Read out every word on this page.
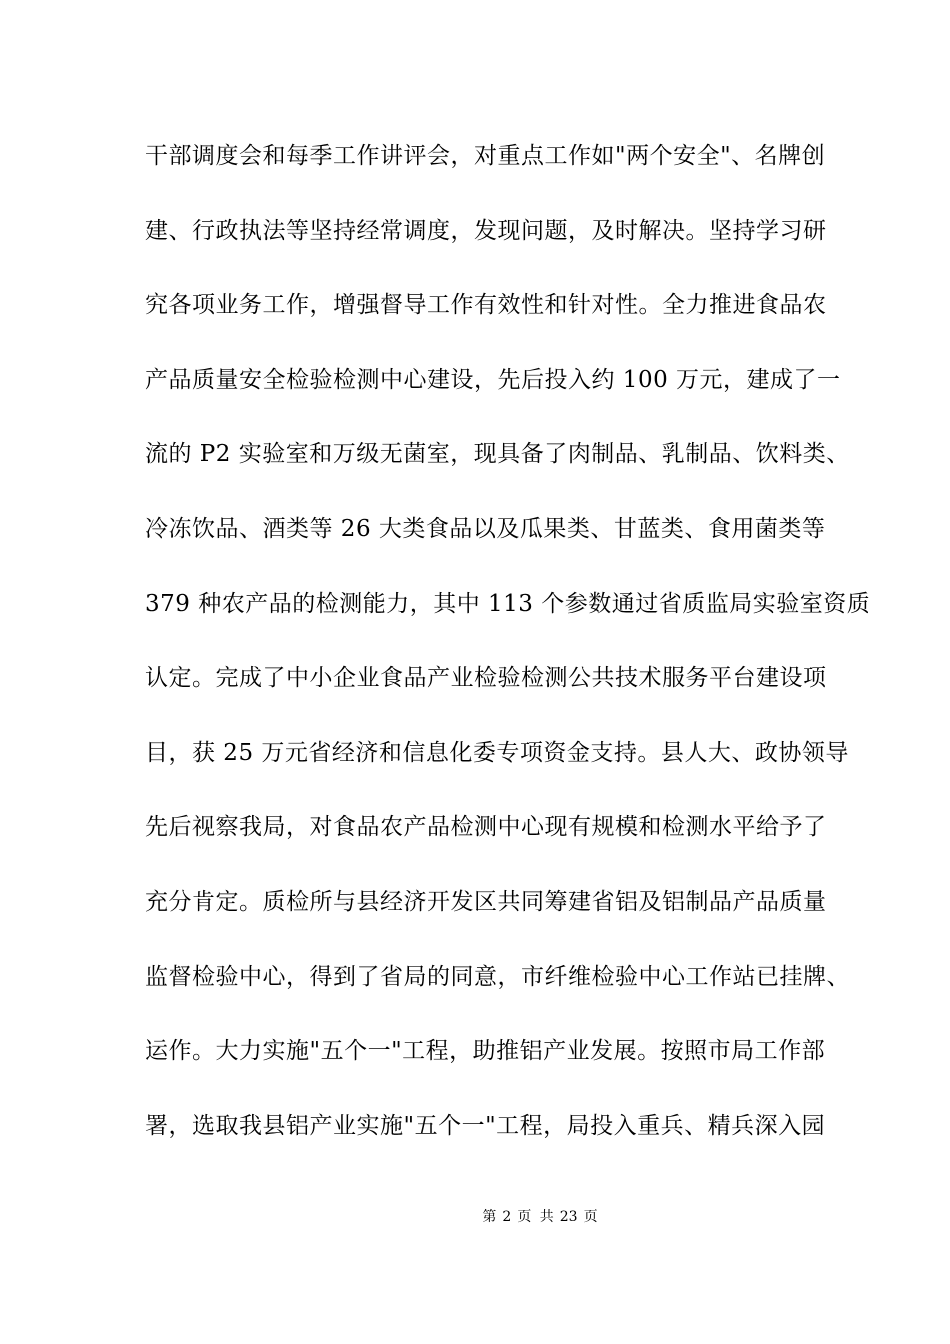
干部调度会和每季工作讲评会，对重点工作如"两个安全"、名牌创
建、行政执法等坚持经常调度，发现问题，及时解决。坚持学习研
究各项业务工作，增强督导工作有效性和针对性。全力推进食品农
产品质量安全检验检测中心建设，先后投入约 100 万元，建成了一
流的 P2 实验室和万级无菌室，现具备了肉制品、乳制品、饮料类、
冷冻饮品、酒类等 26 大类食品以及瓜果类、甘蓝类、食用菌类等
379 种农产品的检测能力，其中 113 个参数通过省质监局实验室资质
认定。完成了中小企业食品产业检验检测公共技术服务平台建设项
目，获 25 万元省经济和信息化委专项资金支持。县人大、政协领导
先后视察我局，对食品农产品检测中心现有规模和检测水平给予了
充分肯定。质检所与县经济开发区共同筹建省铝及铝制品产品质量
监督检验中心，得到了省局的同意，市纤维检验中心工作站已挂牌、
运作。大力实施"五个一"工程，助推铝产业发展。按照市局工作部
署，选取我县铝产业实施"五个一"工程，局投入重兵、精兵深入园
第 2 页 共 23 页
